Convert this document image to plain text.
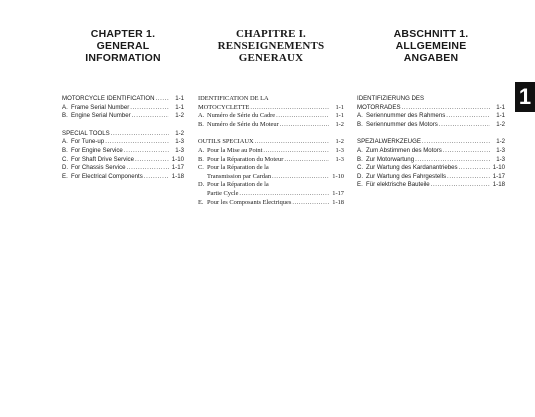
CHAPTER 1.
GENERAL
INFORMATION
MOTORCYCLE IDENTIFICATION .....	1-1
A. Frame Serial Number .....	1-1
B. Engine Serial Number .....	1-2
SPECIAL TOOLS .....	1-2
A. For Tune-up .....	1-3
B. For Engine Service .....	1-3
C. For Shaft Drive Service .....	1-10
D. For Chassis Service .....	1-17
E. For Electrical Components .....	1-18
CHAPITRE I.
RENSEIGNEMENTS
GENERAUX
IDENTIFICATION DE LA
MOTOCYCLETTE .....	1-1
A. Numéro de Série du Cadre .....	1-1
B. Numéro de Série du Moteur .....	1-2
OUTILS SPECIAUX .....	1-2
A. Pour la Mise au Point .....	1-3
B. Pour la Réparation du Moteur .....	1-3
C. Pour la Réparation de la
Transmission par Cardan .....	1-10
D. Pour la Réparation de la
Partie Cycle .....	1-17
E. Pour les Composants Electriques .....	1-18
ABSCHNITT 1.
ALLGEMEINE
ANGABEN
IDENTIFIZIERUNG DES
MOTORRADES .....	1-1
A. Seriennummer des Rahmens .....	1-1
B. Seriennummer des Motors .....	1-2
SPEZIALWERKZEUGE .....	1-2
A. Zum Abstimmen des Motors .....	1-3
B. Zur Motorwartung .....	1-3
C. Zur Wartung des Kardanantriebes .....	1-10
D. Zur Wartung des Fahrgestells .....	1-17
E. Für elektrische Bauteile .....	1-18
1
